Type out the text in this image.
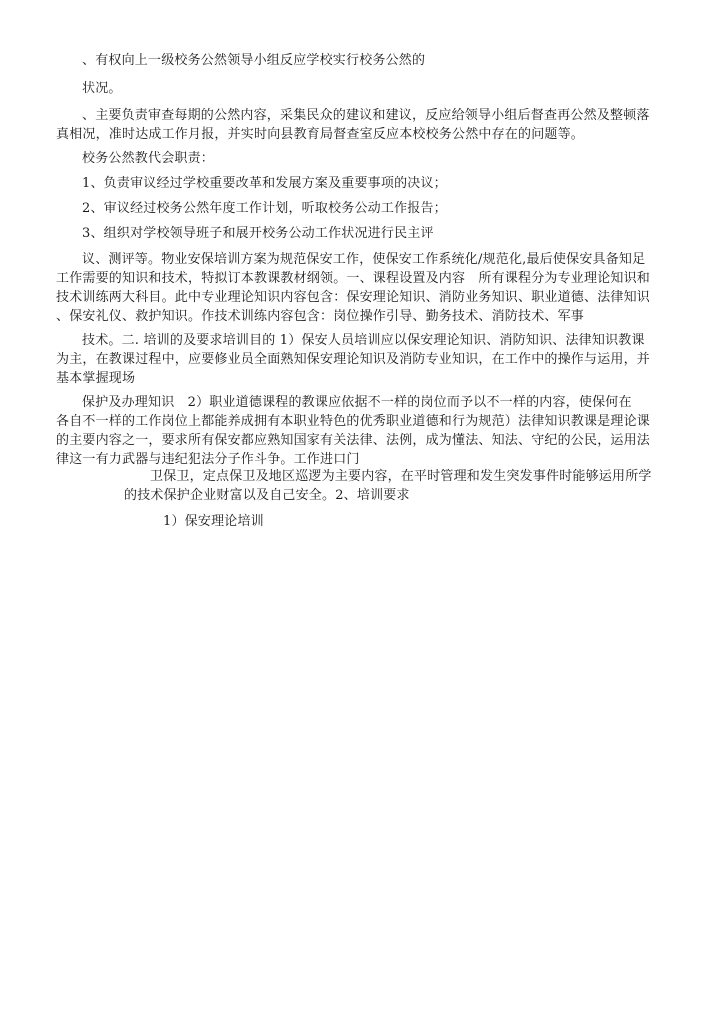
、有权向上一级校务公然领导小组反应学校实行校务公然的
状况。
、主要负责审查每期的公然内容，采集民众的建议和建议，反应给领导小组后督查再公然及整顿落
真相况，准时达成工作月报，并实时向县教育局督查室反应本校校务公然中存在的问题等。
校务公然教代会职责：
1、负责审议经过学校重要改革和发展方案及重要事项的决议；
2、审议经过校务公然年度工作计划，听取校务公动工作报告；
3、组织对学校领导班子和展开校务公动工作状况进行民主评
议、测评等。物业安保培训方案为规范保安工作，使保安工作系统化/规范化,最后使保安具备知足
工作需要的知识和技术，特拟订本教课教材纲领。一、课程设置及内容　所有课程分为专业理论知识和
技术训练两大科目。此中专业理论知识内容包含：保安理论知识、消防业务知识、职业道德、法律知识
、保安礼仪、救护知识。作技术训练内容包含：岗位操作引导、勤务技术、消防技术、军事
技术。二. 培训的及要求培训目的 1）保安人员培训应以保安理论知识、消防知识、法律知识教课
为主，在教课过程中，应要修业员全面熟知保安理论知识及消防专业知识，在工作中的操作与运用，并
基本掌握现场
保护及办理知识　2）职业道德课程的教课应依据不一样的岗位而予以不一样的内容，使保何在
各自不一样的工作岗位上都能养成拥有本职业特色的优秀职业道德和行为规范）法律知识教课是理论课
的主要内容之一，要求所有保安都应熟知国家有关法律、法例，成为懂法、知法、守纪的公民，运用法
律这一有力武器与违纪犯法分子作斗争。工作进口门
卫保卫，定点保卫及地区巡逻为主要内容，在平时管理和发生突发事件时能够运用所学
的技术保护企业财富以及自己安全。2、培训要求
1）保安理论培训
